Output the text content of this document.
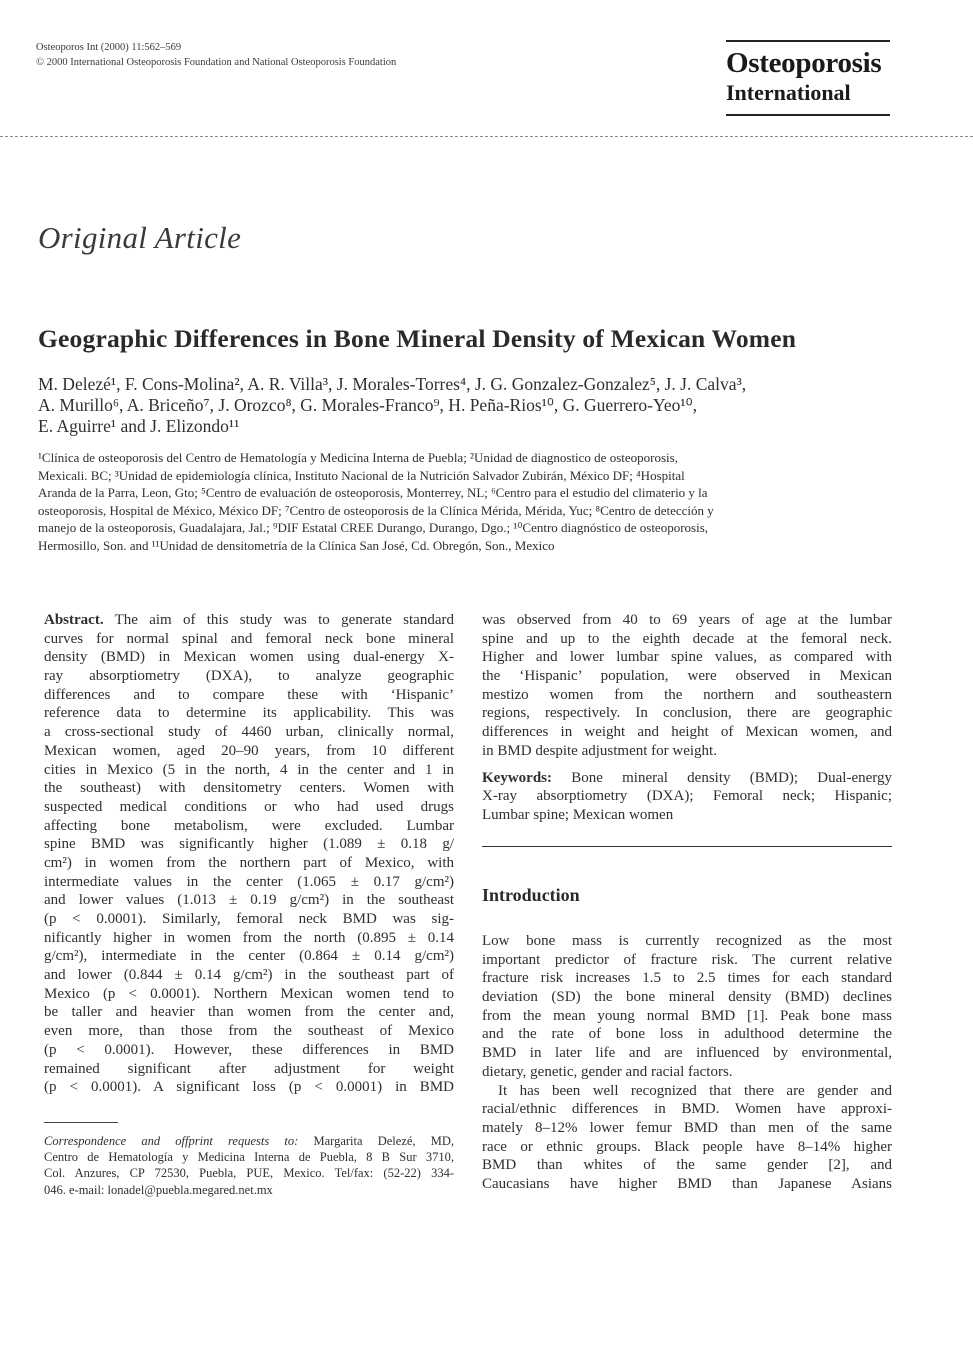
Osteoporos Int (2000) 11:562–569
© 2000 International Osteoporosis Foundation and National Osteoporosis Foundation	Osteoporosis
International
Original Article
Geographic Differences in Bone Mineral Density of Mexican Women
M. Delezé¹, F. Cons-Molina², A. R. Villa³, J. Morales-Torres⁴, J. G. Gonzalez-Gonzalez⁵, J. J. Calva³,
A. Murillo⁶, A. Briceño⁷, J. Orozco⁸, G. Morales-Franco⁹, H. Peña-Rios¹⁰, G. Guerrero-Yeo¹⁰,
E. Aguirre¹ and J. Elizondo¹¹
¹Clínica de osteoporosis del Centro de Hematología y Medicina Interna de Puebla; ²Unidad de diagnostico de osteoporosis,
Mexicali. BC; ³Unidad de epidemiología clínica, Instituto Nacional de la Nutrición Salvador Zubirán, México DF; ⁴Hospital
Aranda de la Parra, Leon, Gto; ⁵Centro de evaluación de osteoporosis, Monterrey, NL; ⁶Centro para el estudio del climaterio y la
osteoporosis, Hospital de México, México DF; ⁷Centro de osteoporosis de la Clínica Mérida, Mérida, Yuc; ⁸Centro de detección y
manejo de la osteoporosis, Guadalajara, Jal.; ⁹DIF Estatal CREE Durango, Durango, Dgo.; ¹⁰Centro diagnóstico de osteoporosis,
Hermosillo, Son. and ¹¹Unidad de densitometría de la Clínica San José, Cd. Obregón, Son., Mexico
Abstract. The aim of this study was to generate standard
curves for normal spinal and femoral neck bone mineral
density (BMD) in Mexican women using dual-energy X-
ray absorptiometry (DXA), to analyze geographic
differences and to compare these with ‘Hispanic’
reference data to determine its applicability. This was
a cross-sectional study of 4460 urban, clinically normal,
Mexican women, aged 20–90 years, from 10 different
cities in Mexico (5 in the north, 4 in the center and 1 in
the southeast) with densitometry centers. Women with
suspected medical conditions or who had used drugs
affecting bone metabolism, were excluded. Lumbar
spine BMD was significantly higher (1.089 ± 0.18 g/
cm²) in women from the northern part of Mexico, with
intermediate values in the center (1.065 ± 0.17 g/cm²)
and lower values (1.013 ± 0.19 g/cm²) in the southeast
(p < 0.0001). Similarly, femoral neck BMD was sig-
nificantly higher in women from the north (0.895 ± 0.14
g/cm²), intermediate in the center (0.864 ± 0.14 g/cm²)
and lower (0.844 ± 0.14 g/cm²) in the southeast part of
Mexico (p < 0.0001). Northern Mexican women tend to
be taller and heavier than women from the center and,
even more, than those from the southeast of Mexico
(p < 0.0001). However, these differences in BMD
remained significant after adjustment for weight
(p < 0.0001). A significant loss (p < 0.0001) in BMD
Correspondence and offprint requests to: Margarita Delezé, MD,
Centro de Hematología y Medicina Interna de Puebla, 8 B Sur 3710,
Col. Anzures, CP 72530, Puebla, PUE, Mexico. Tel/fax: (52-22) 334-
046. e-mail: lonadel@puebla.megared.net.mx
was observed from 40 to 69 years of age at the lumbar
spine and up to the eighth decade at the femoral neck.
Higher and lower lumbar spine values, as compared with
the ‘Hispanic’ population, were observed in Mexican
mestizo women from the northern and southeastern
regions, respectively. In conclusion, there are geographic
differences in weight and height of Mexican women, and
in BMD despite adjustment for weight.
Keywords: Bone mineral density (BMD); Dual-energy
X-ray absorptiometry (DXA); Femoral neck; Hispanic;
Lumbar spine; Mexican women
Introduction
Low bone mass is currently recognized as the most
important predictor of fracture risk. The current relative
fracture risk increases 1.5 to 2.5 times for each standard
deviation (SD) the bone mineral density (BMD) declines
from the mean young normal BMD [1]. Peak bone mass
and the rate of bone loss in adulthood determine the
BMD in later life and are influenced by environmental,
dietary, genetic, gender and racial factors.
It has been well recognized that there are gender and
racial/ethnic differences in BMD. Women have approxi-
mately 8–12% lower femur BMD than men of the same
race or ethnic groups. Black people have 8–14% higher
BMD than whites of the same gender [2], and
Caucasians have higher BMD than Japanese Asians
